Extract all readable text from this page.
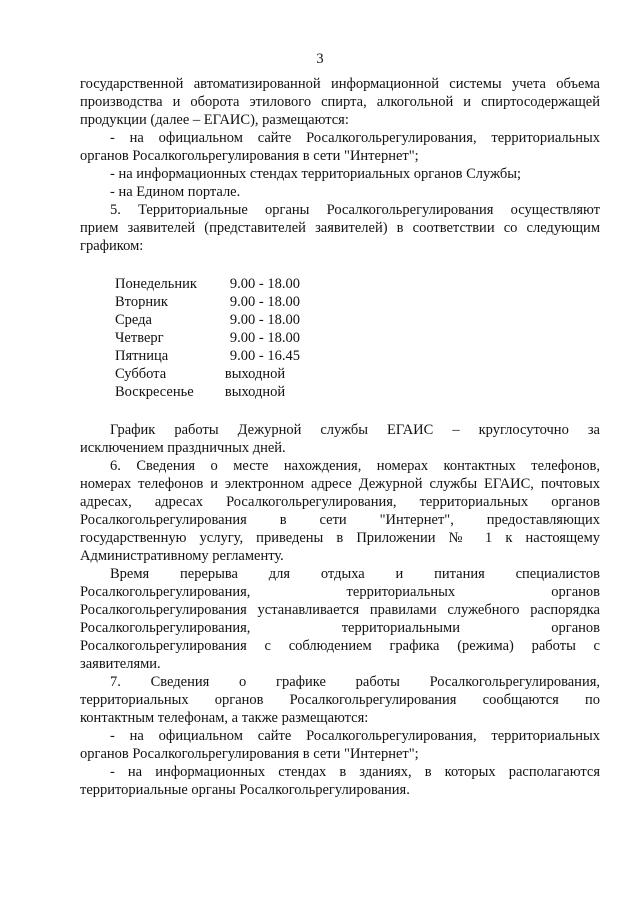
3

государственной автоматизированной информационной системы учета объема

производства и оборота этилового спирта, алкогольной и спиртосодержащей

продукции (далее – ЕГАИС), размещаются:

- на официальном сайте Росалкогольрегулирования, территориальных

органов Росалкогольрегулирования в сети "Интернет";

- на информационных стендах территориальных органов Службы;

- на Едином портале.

5. Территориальные органы Росалкогольрегулирования осуществляют

прием заявителей (представителей заявителей) в соответствии со следующим

графиком:

Понедельник	9.00 - 18.00
Вторник	9.00 - 18.00
Среда	9.00 - 18.00
Четверг	9.00 - 18.00
Пятница	9.00 - 16.45
Суббота	выходной
Воскресенье	выходной

График работы Дежурной службы ЕГАИС – круглосуточно за

исключением праздничных дней.

6. Сведения о месте нахождения, номерах контактных телефонов,

номерах телефонов и электронном адресе Дежурной службы ЕГАИС, почтовых

адресах, адресах Росалкогольрегулирования, территориальных органов

Росалкогольрегулирования в сети "Интернет", предоставляющих

государственную услугу, приведены в Приложении № 1 к настоящему

Административному регламенту.

Время перерыва для отдыха и питания специалистов

Росалкогольрегулирования, территориальных органов

Росалкогольрегулирования устанавливается правилами служебного распорядка

Росалкогольрегулирования, территориальными органов

Росалкогольрегулирования с соблюдением графика (режима) работы с

заявителями.

7. Сведения о графике работы Росалкогольрегулирования,

территориальных органов Росалкогольрегулирования сообщаются по

контактным телефонам, а также размещаются:

- на официальном сайте Росалкогольрегулирования, территориальных

органов Росалкогольрегулирования в сети "Интернет";

- на информационных стендах в зданиях, в которых располагаются

территориальные органы Росалкогольрегулирования.
